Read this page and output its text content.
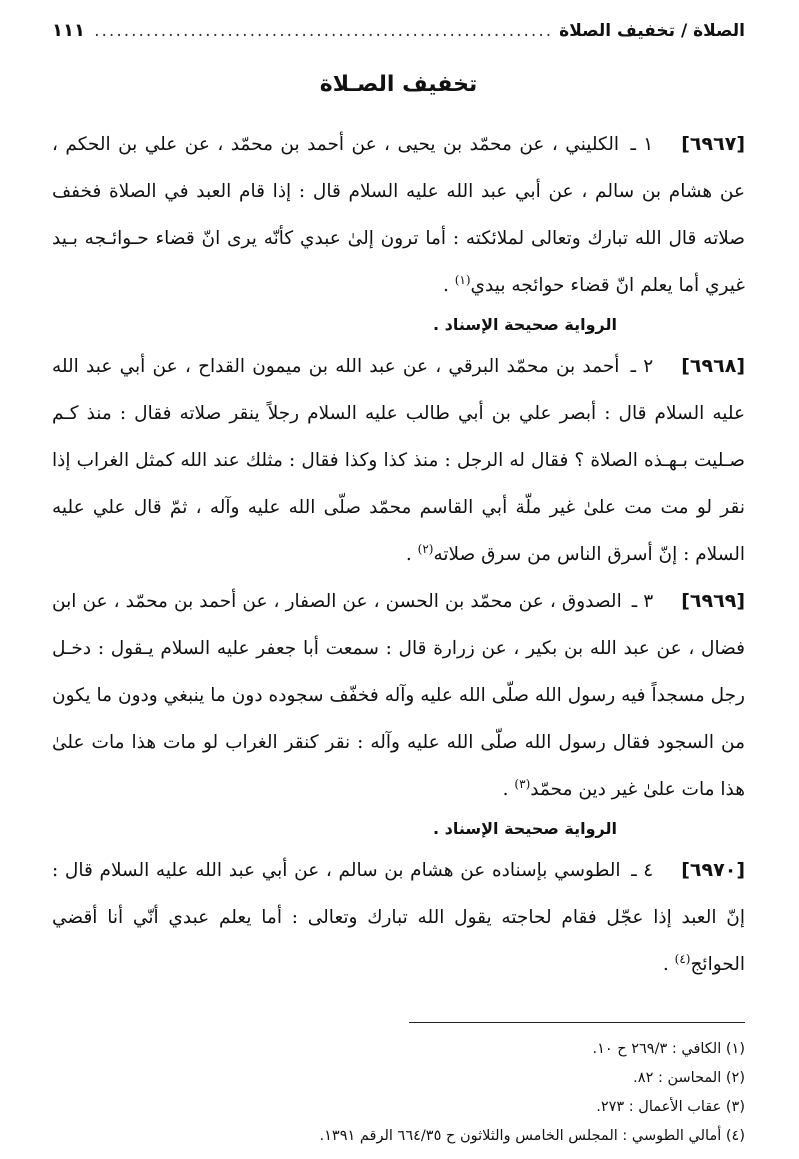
الصلاة / تخفيف الصلاة
.....
١١١
تخفيف الصـلاة

[٦٩٦٧]١ ـ الكليني ، عن محمّد بن يحيى ، عن أحمد بن محمّد ، عن علي بن الحكم ، عن هشام بن سالم ، عن أبي عبد الله عليه السلام قال : إذا قام العبد في الصلاة فخفف صلاته قال الله تبارك وتعالى لملائكته : أما ترون إلىٰ عبدي كأنّه يرى انّ قضاء حـوائـجه بـيد غيري أما يعلم انّ قضاء حوائجه بيدي$^{(١)}$ .

الرواية صحيحة الإسناد .

[٦٩٦٨]٢ ـ أحمد بن محمّد البرقي ، عن عبد الله بن ميمون القداح ، عن أبي عبد الله عليه السلام قال : أبصر علي بن أبي طالب عليه السلام رجلاً ينقر صلاته فقال : منذ كـم صـليت بـهـذه الصلاة ؟ فقال له الرجل : منذ كذا وكذا فقال : مثلك عند الله كمثل الغراب إذا نقر لو مت مت علىٰ غير ملّة أبي القاسم محمّد صلّى الله عليه وآله ، ثمّ قال علي عليه السلام : إنّ أسرق الناس من سرق صلاته$^{(٢)}$ .

[٦٩٦٩]٣ ـ الصدوق ، عن محمّد بن الحسن ، عن الصفار ، عن أحمد بن محمّد ، عن ابن فضال ، عن عبد الله بن بكير ، عن زرارة قال : سمعت أبا جعفر عليه السلام يـقول : دخـل رجل مسجداً فيه رسول الله صلّى الله عليه وآله فخفّف سجوده دون ما ينبغي ودون ما يكون من السجود فقال رسول الله صلّى الله عليه وآله : نقر كنقر الغراب لو مات هذا مات علىٰ هذا مات علىٰ غير دين محمّد$^{(٣)}$ .

الرواية صحيحة الإسناد .

[٦٩٧٠]٤ ـ الطوسي بإسناده عن هشام بن سالم ، عن أبي عبد الله عليه السلام قال : إنّ العبد إذا عجّل فقام لحاجته يقول الله تبارك وتعالى : أما يعلم عبدي أنّي أنا أقضي الحوائج$^{(٤)}$ .

(١) الكافي : ٢٦٩/٣ ح ١٠.
(٢) المحاسن : ٨٢.
(٣) عقاب الأعمال : ٢٧٣.
(٤) أمالي الطوسي : المجلس الخامس والثلاثون ح ٦٦٤/٣٥ الرقم ١٣٩١.
